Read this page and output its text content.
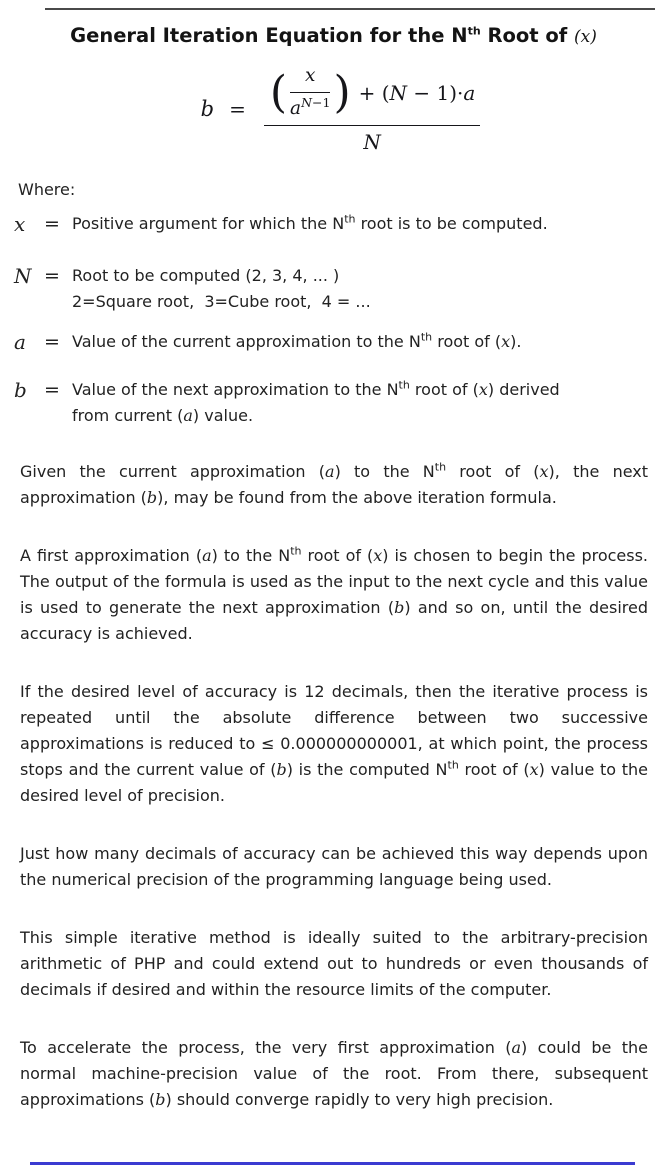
General Iteration Equation for the $N^{th}$ Root of (x)
b = ( $\frac{x}{a^{N-1}}$ ) + (N − 1)·a
N
Where:
x = Positive argument for which the $N^{th}$ root is to be computed.
N = Root to be computed (2, 3, 4, ... )
2=Square root,  3=Cube root,  4 = ...
a = Value of the current approximation to the $N^{th}$ root of (x).
b = Value of the next approximation to the $N^{th}$ root of (x) derived
from current (a) value.

Given the current approximation (a) to the $N^{th}$ root of (x), the next approximation (b), may be found from the above iteration formula.

A first approximation (a) to the $N^{th}$ root of (x) is chosen to begin the process. The output of the formula is used as the input to the next cycle and this value is used to generate the next approximation (b) and so on, until the desired accuracy is achieved.

If the desired level of accuracy is 12 decimals, then the iterative process is repeated until the absolute difference between two successive approximations is reduced to ≤ 0.000000000001, at which point, the process stops and the current value of (b) is the computed $N^{th}$ root of (x) value to the desired level of precision.

Just how many decimals of accuracy can be achieved this way depends upon the numerical precision of the programming language being used.

This simple iterative method is ideally suited to the arbitrary-precision arithmetic of PHP and could extend out to hundreds or even thousands of decimals if desired and within the resource limits of the computer.

To accelerate the process, the very first approximation (a) could be the normal machine-precision value of the root. From there, subsequent approximations (b) should converge rapidly to very high precision.
